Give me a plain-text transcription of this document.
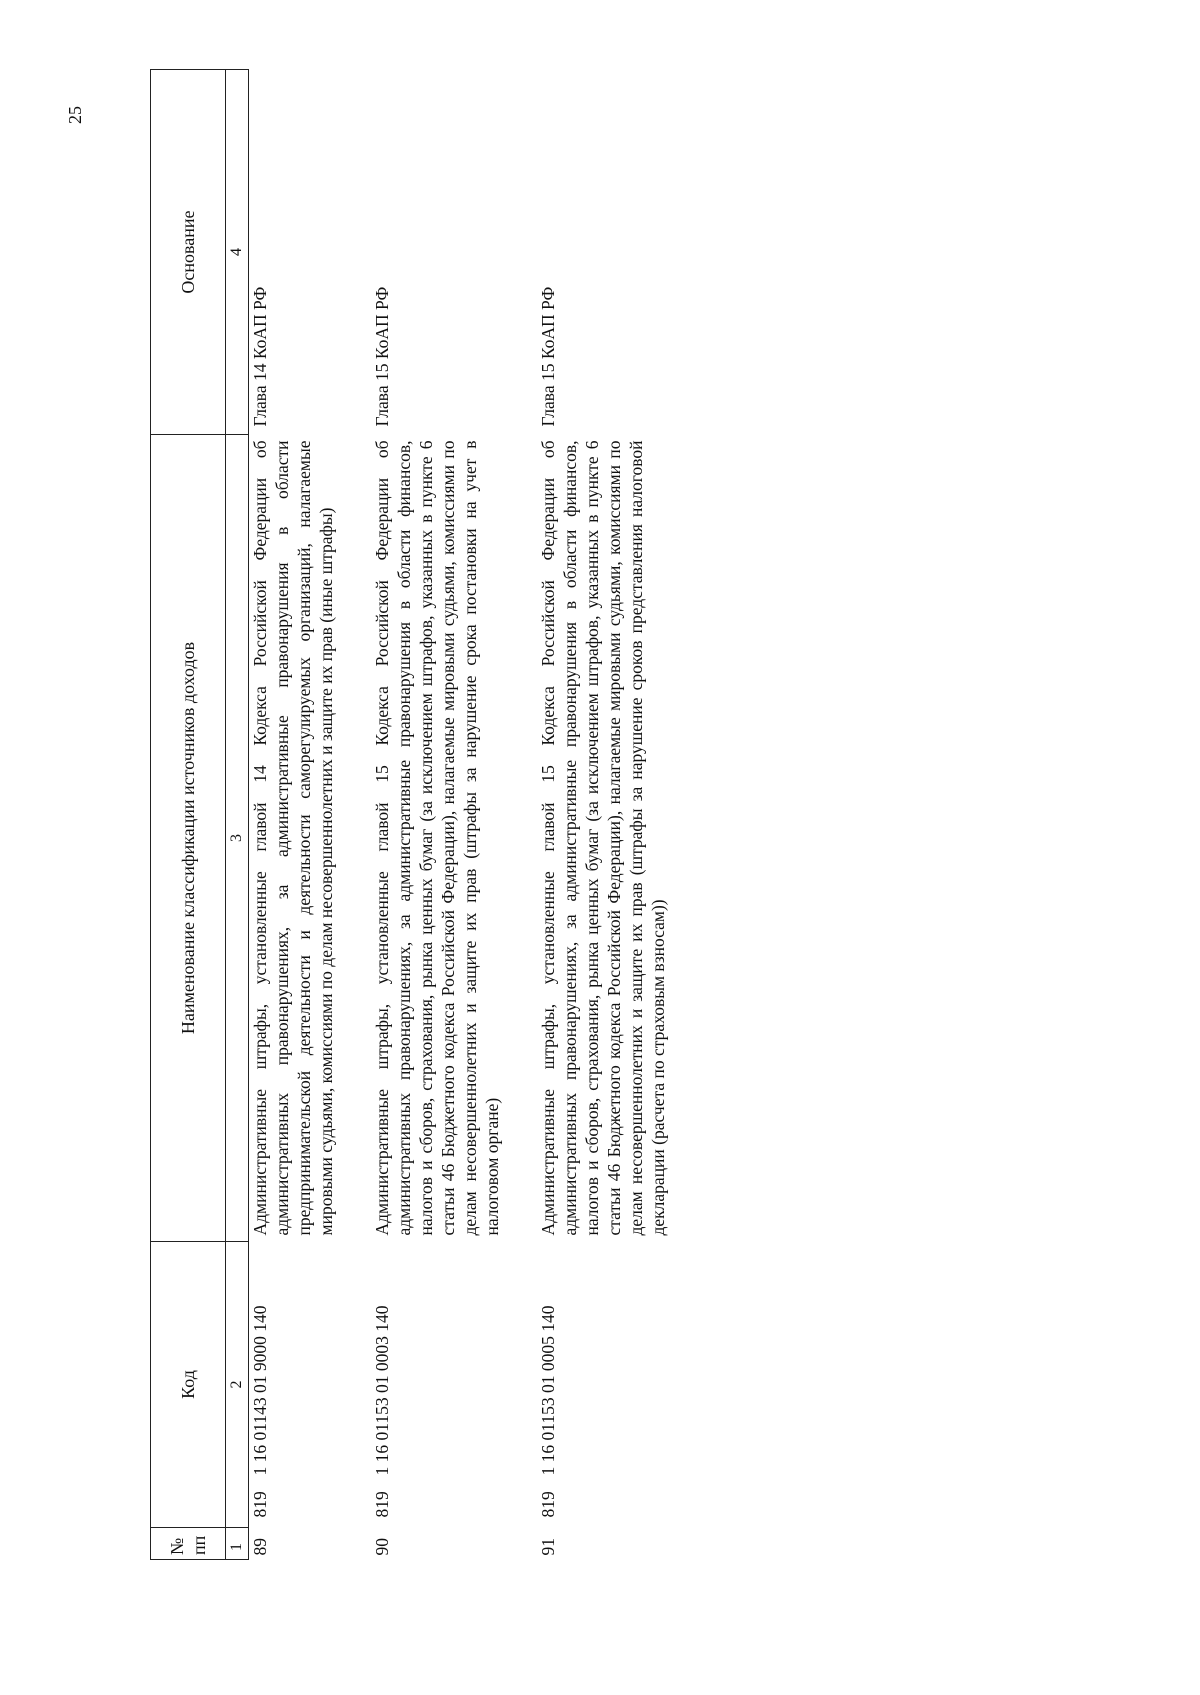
25
№ пп	Код		Наименование классификации источников доходов	Основание
1	2		3	4
89	819	1 16 01143 01 9000 140	Административные штрафы, установленные главой 14 Кодекса Российской Федерации об административных правонарушениях, за административные правонарушения в области предпринимательской деятельности и деятельности саморегулируемых организаций, налагаемые мировыми судьями, комиссиями по делам несовершеннолетних и защите их прав (иные штрафы)	Глава 14 КоАП РФ
90	819	1 16 01153 01 0003 140	Административные штрафы, установленные главой 15 Кодекса Российской Федерации об административных правонарушениях, за административные правонарушения в области финансов, налогов и сборов, страхования, рынка ценных бумаг (за исключением штрафов, указанных в пункте 6 статьи 46 Бюджетного кодекса Российской Федерации), налагаемые мировыми судьями, комиссиями по делам несовершеннолетних и защите их прав (штрафы за нарушение срока постановки на учет в налоговом органе)	Глава 15 КоАП РФ
91	819	1 16 01153 01 0005 140	Административные штрафы, установленные главой 15 Кодекса Российской Федерации об административных правонарушениях, за административные правонарушения в области финансов, налогов и сборов, страхования, рынка ценных бумаг (за исключением штрафов, указанных в пункте 6 статьи 46 Бюджетного кодекса Российской Федерации), налагаемые мировыми судьями, комиссиями по делам несовершеннолетних и защите их прав (штрафы за нарушение сроков представления налоговой декларации (расчета по страховым взносам))	Глава 15 КоАП РФ
